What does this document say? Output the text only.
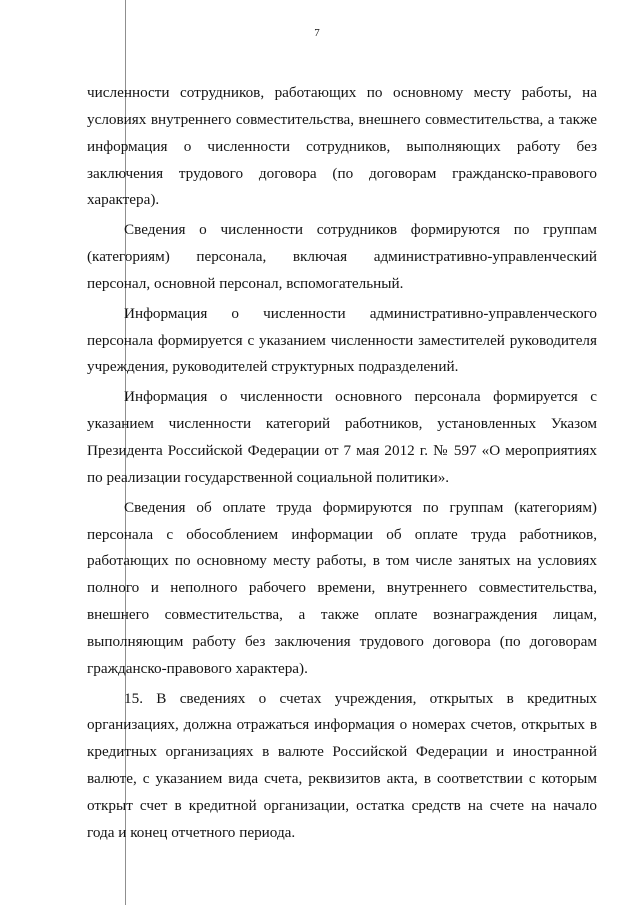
7

численности сотрудников, работающих по основному месту работы, на
условиях внутреннего совместительства, внешнего совместительства, а также
информация о численности сотрудников, выполняющих работу без
заключения трудового договора (по договорам гражданско-правового
характера).

Сведения о численности сотрудников формируются по группам
(категориям) персонала, включая административно-управленческий
персонал, основной персонал, вспомогательный.

Информация о численности административно-управленческого
персонала формируется с указанием численности заместителей руководителя
учреждения, руководителей структурных подразделений.

Информация о численности основного персонала формируется с
указанием численности категорий работников, установленных Указом
Президента Российской Федерации от 7 мая 2012 г. № 597 «О мероприятиях
по реализации государственной социальной политики».

Сведения об оплате труда формируются по группам (категориям)
персонала с обособлением информации об оплате труда работников,
работающих по основному месту работы, в том числе занятых на условиях
полного и неполного рабочего времени, внутреннего совместительства,
внешнего совместительства, а также оплате вознаграждения лицам,
выполняющим работу без заключения трудового договора (по договорам
гражданско-правового характера).

15. В сведениях о счетах учреждения, открытых в кредитных
организациях, должна отражаться информация о номерах счетов, открытых в
кредитных организациях в валюте Российской Федерации и иностранной
валюте, с указанием вида счета, реквизитов акта, в соответствии с которым
открыт счет в кредитной организации, остатка средств на счете на начало
года и конец отчетного периода.
